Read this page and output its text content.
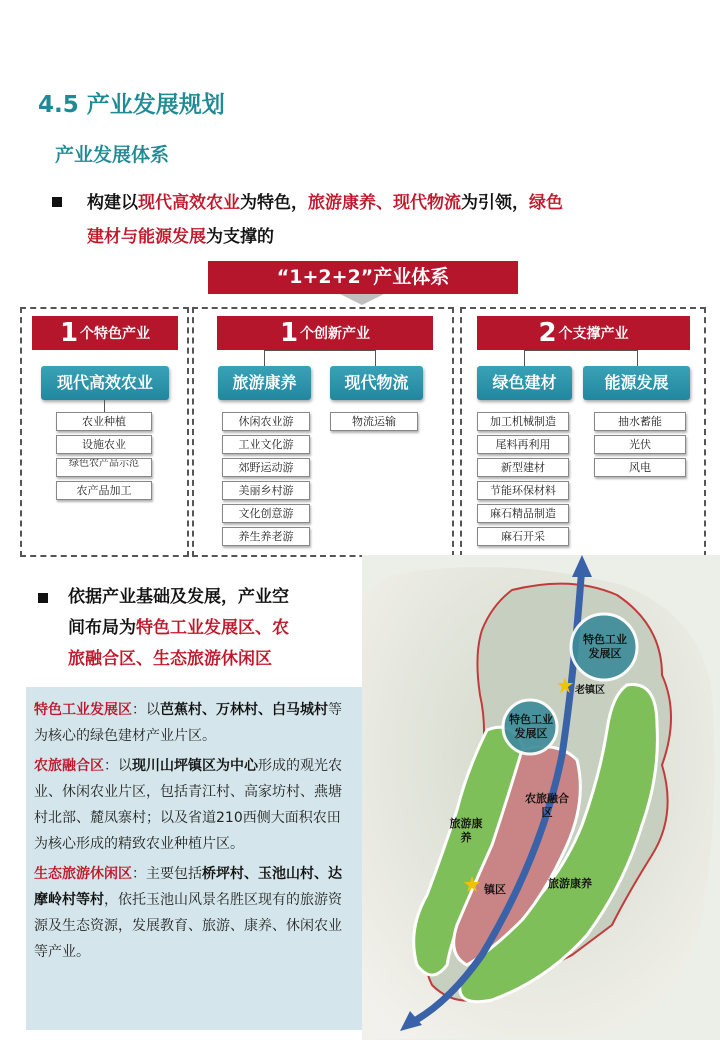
4.5 产业发展规划
产业发展体系
构建以现代高效农业为特色，旅游康养、现代物流为引领，绿色
建材与能源发展为支撑的
“1+2+2”产业体系
1 个特色产业
现代高效农业
农业种植
设施农业
绿色农产品示范
农产品加工
1 个创新产业
旅游康养	现代物流
休闲农业游
工业文化游
郊野运动游
美丽乡村游
文化创意游
养生养老游
物流运输
2 个支撑产业
绿色建材	能源发展
加工机械制造
尾料再利用
新型建材
节能环保材料
麻石精品制造
麻石开采
抽水蓄能
光伏
风电
特色工业发展区
特色工业发展区
老镇区
农旅融合区
旅游康养
旅游康养
镇区
依据产业基础及发展，产业空
间布局为特色工业发展区、农
旅融合区、生态旅游休闲区

特色工业发展区：以芭蕉村、万林村、白马城村等为核心的绿色建材产业片区。

农旅融合区：以现川山坪镇区为中心形成的观光农业、休闲农业片区，包括青江村、高家坊村、燕塘村北部、麓凤寨村；以及省道210西侧大面积农田为核心形成的精致农业种植片区。

生态旅游休闲区：主要包括桥坪村、玉池山村、达摩岭村等村，依托玉池山风景名胜区现有的旅游资源及生态资源，发展教育、旅游、康养、休闲农业等产业。
